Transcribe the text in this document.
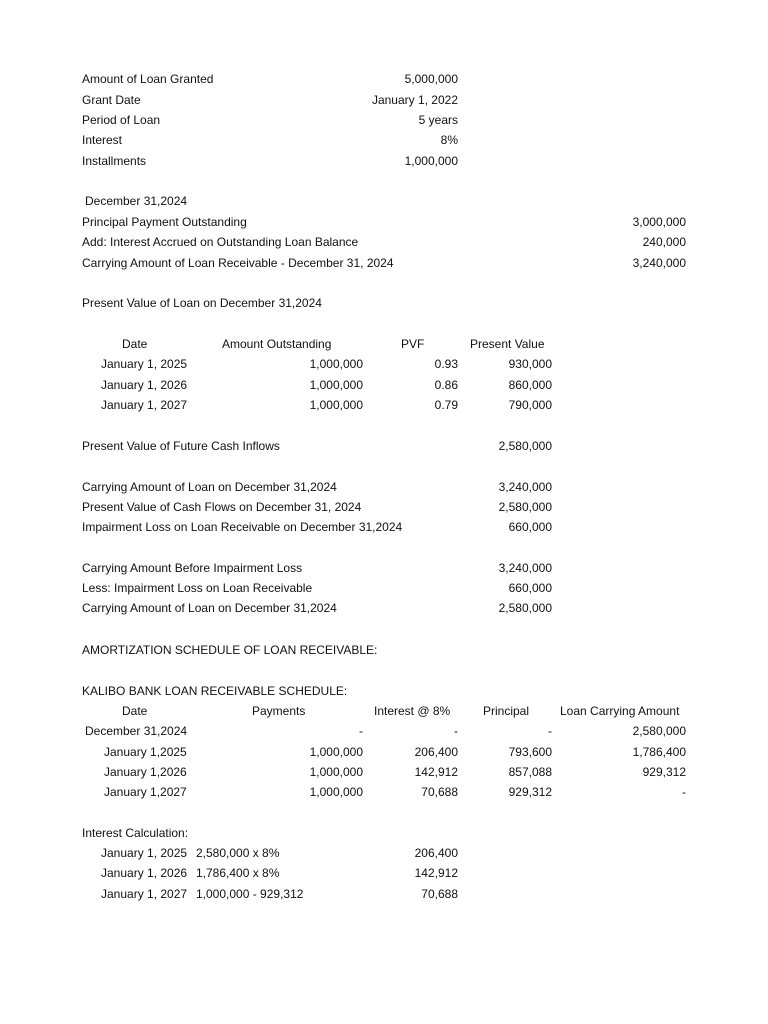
Amount of Loan Granted	5,000,000
Grant Date	January 1, 2022
Period of Loan	5 years
Interest	8%
Installments	1,000,000
December 31,2024
Principal Payment Outstanding	3,000,000
Add: Interest Accrued on Outstanding Loan Balance	240,000
Carrying Amount of Loan Receivable - December 31, 2024	3,240,000
Present Value of Loan on December 31,2024
Date	Amount Outstanding	PVF	Present Value
January 1, 2025	1,000,000	0.93	930,000
January 1, 2026	1,000,000	0.86	860,000
January 1, 2027	1,000,000	0.79	790,000
Present Value of Future Cash Inflows	2,580,000
Carrying Amount of Loan on December 31,2024	3,240,000
Present Value of Cash Flows on December 31, 2024	2,580,000
Impairment Loss on Loan Receivable on December 31,2024	660,000
Carrying Amount Before Impairment Loss	3,240,000
Less: Impairment Loss on Loan Receivable	660,000
Carrying Amount of Loan on December 31,2024	2,580,000
AMORTIZATION SCHEDULE OF LOAN RECEIVABLE:
KALIBO BANK LOAN RECEIVABLE SCHEDULE:
Date	Payments	Interest @ 8%	Principal	Loan Carrying Amount
December 31,2024	-	-	-	2,580,000
January 1,2025	1,000,000	206,400	793,600	1,786,400
January 1,2026	1,000,000	142,912	857,088	929,312
January 1,2027	1,000,000	70,688	929,312	-
Interest Calculation:
January 1, 2025 2,580,000 x 8%	206,400
January 1, 2026 1,786,400 x 8%	142,912
January 1, 2027 1,000,000 - 929,312	70,688
